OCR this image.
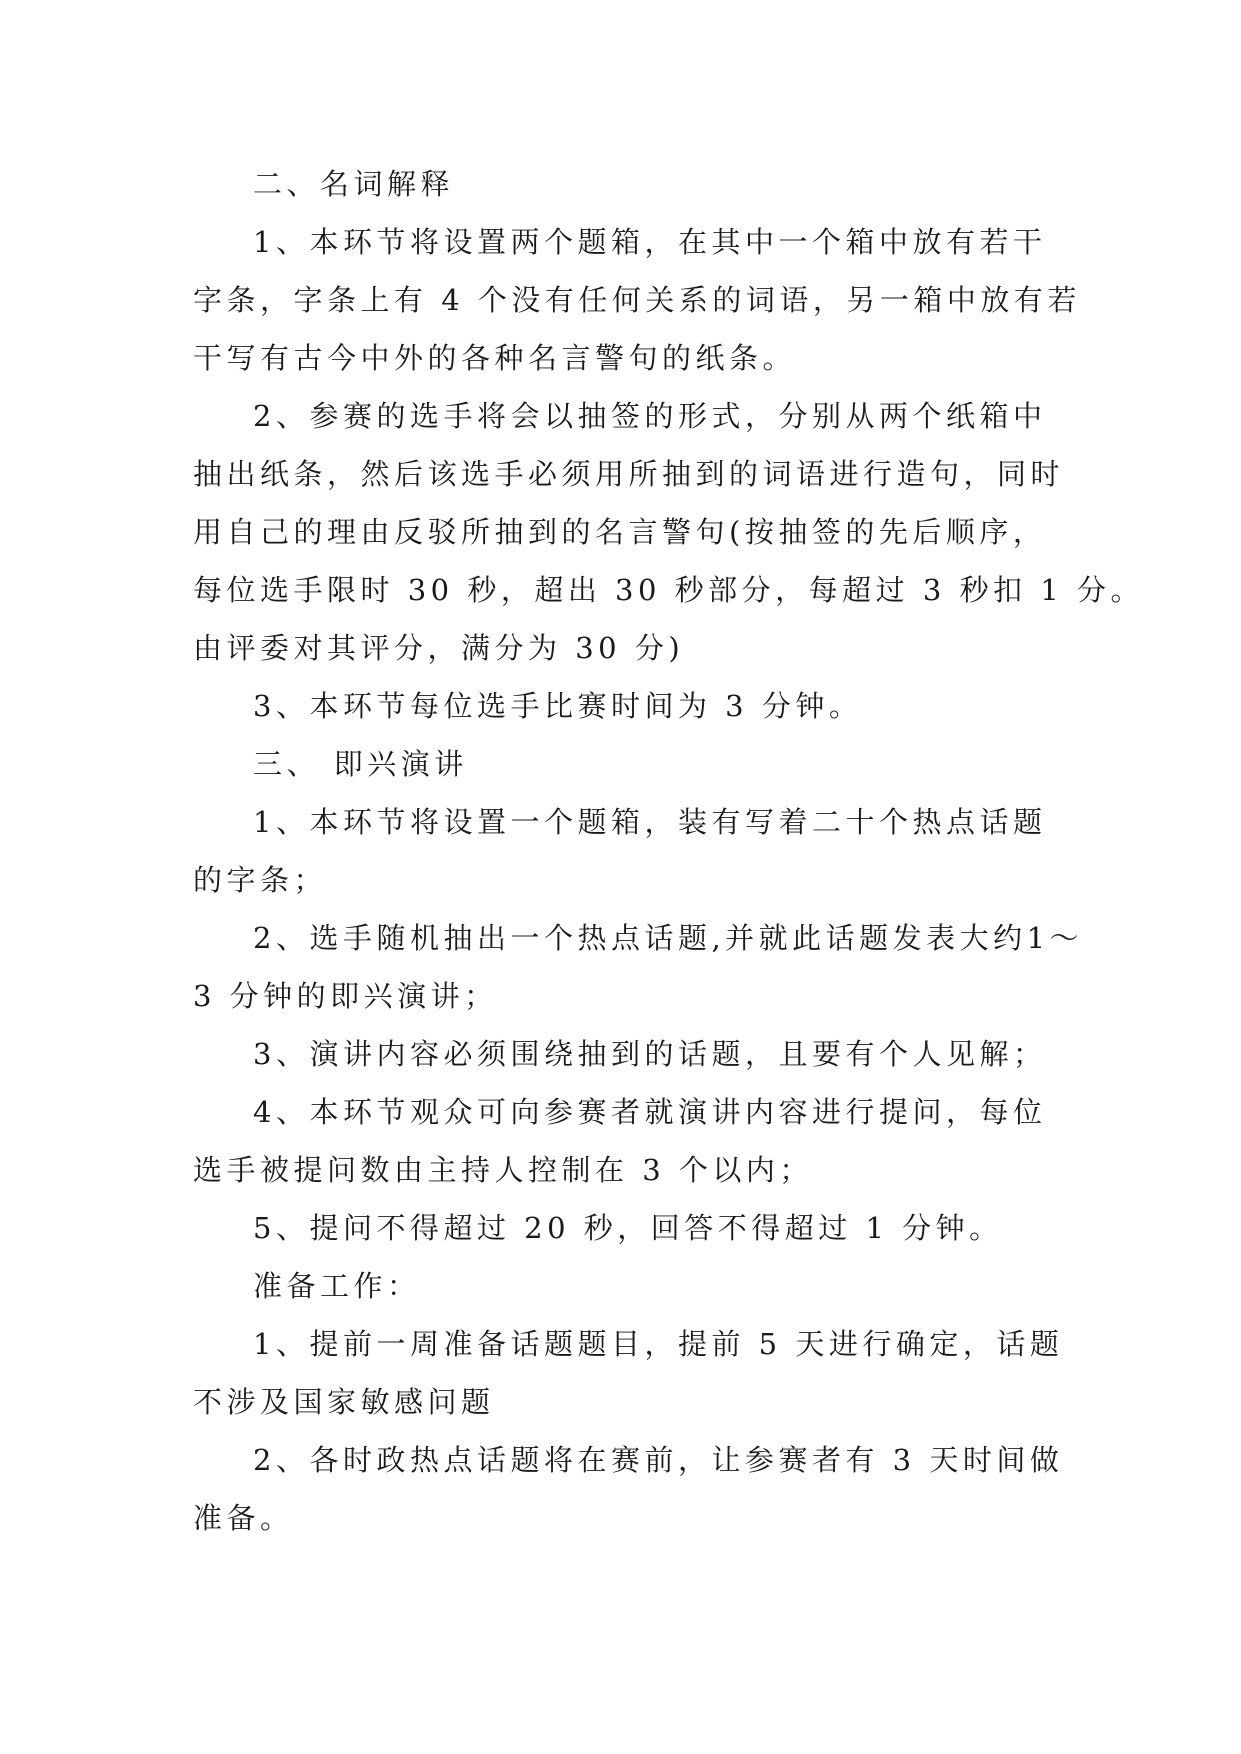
二、名词解释
1、本环节将设置两个题箱，在其中一个箱中放有若干
字条，字条上有 4 个没有任何关系的词语，另一箱中放有若
干写有古今中外的各种名言警句的纸条。
2、参赛的选手将会以抽签的形式，分别从两个纸箱中
抽出纸条，然后该选手必须用所抽到的词语进行造句，同时
用自己的理由反驳所抽到的名言警句(按抽签的先后顺序，
每位选手限时 30 秒，超出 30 秒部分，每超过 3 秒扣 1 分。
由评委对其评分，满分为 30 分)
3、本环节每位选手比赛时间为 3 分钟。
三、 即兴演讲
1、本环节将设置一个题箱，装有写着二十个热点话题
的字条；
2、选手随机抽出一个热点话题,并就此话题发表大约1～
3 分钟的即兴演讲；
3、演讲内容必须围绕抽到的话题，且要有个人见解；
4、本环节观众可向参赛者就演讲内容进行提问，每位
选手被提问数由主持人控制在 3 个以内；
5、提问不得超过 20 秒，回答不得超过 1 分钟。
准备工作：
1、提前一周准备话题题目，提前 5 天进行确定，话题
不涉及国家敏感问题
2、各时政热点话题将在赛前，让参赛者有 3 天时间做
准备。
